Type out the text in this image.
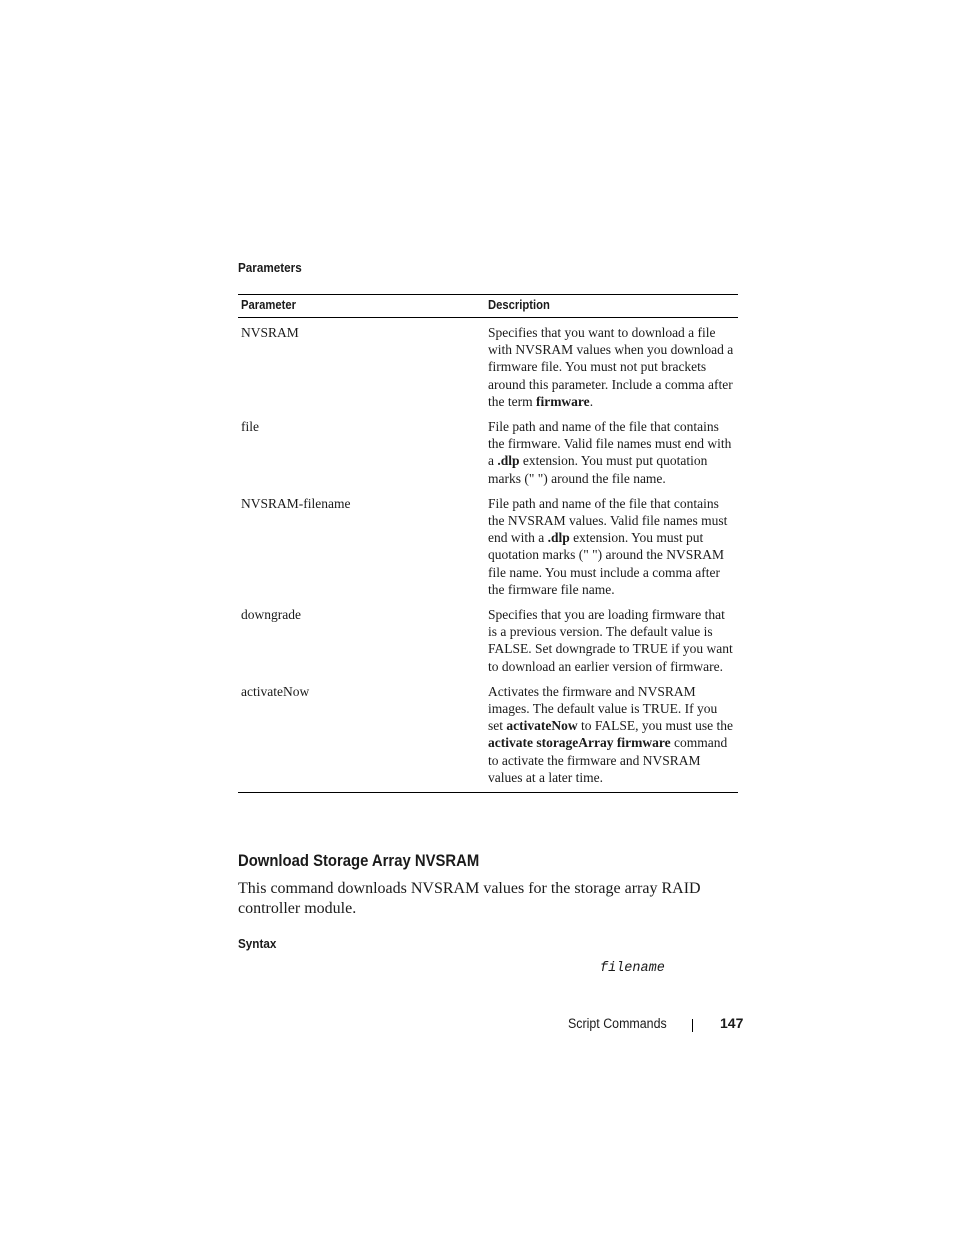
Parameters
Parameter	Description
NVSRAM	Specifies that you want to download a file with NVSRAM values when you download a firmware file. You must not put brackets around this parameter. Include a comma after the term firmware.
file	File path and name of the file that contains the firmware. Valid file names must end with a .dlp extension. You must put quotation marks (" ") around the file name.
NVSRAM-filename	File path and name of the file that contains the NVSRAM values. Valid file names must end with a .dlp extension. You must put quotation marks (" ") around the NVSRAM file name. You must include a comma after the firmware file name.
downgrade	Specifies that you are loading firmware that is a previous version. The default value is FALSE. Set downgrade to TRUE if you want to download an earlier version of firmware.
activateNow	Activates the firmware and NVSRAM images. The default value is TRUE. If you set activateNow to FALSE, you must use the activate storageArray firmware command to activate the firmware and NVSRAM values at a later time.
Download Storage Array NVSRAM
This command downloads NVSRAM values for the storage array RAID controller module.
Syntax
filename
Script Commands	147
